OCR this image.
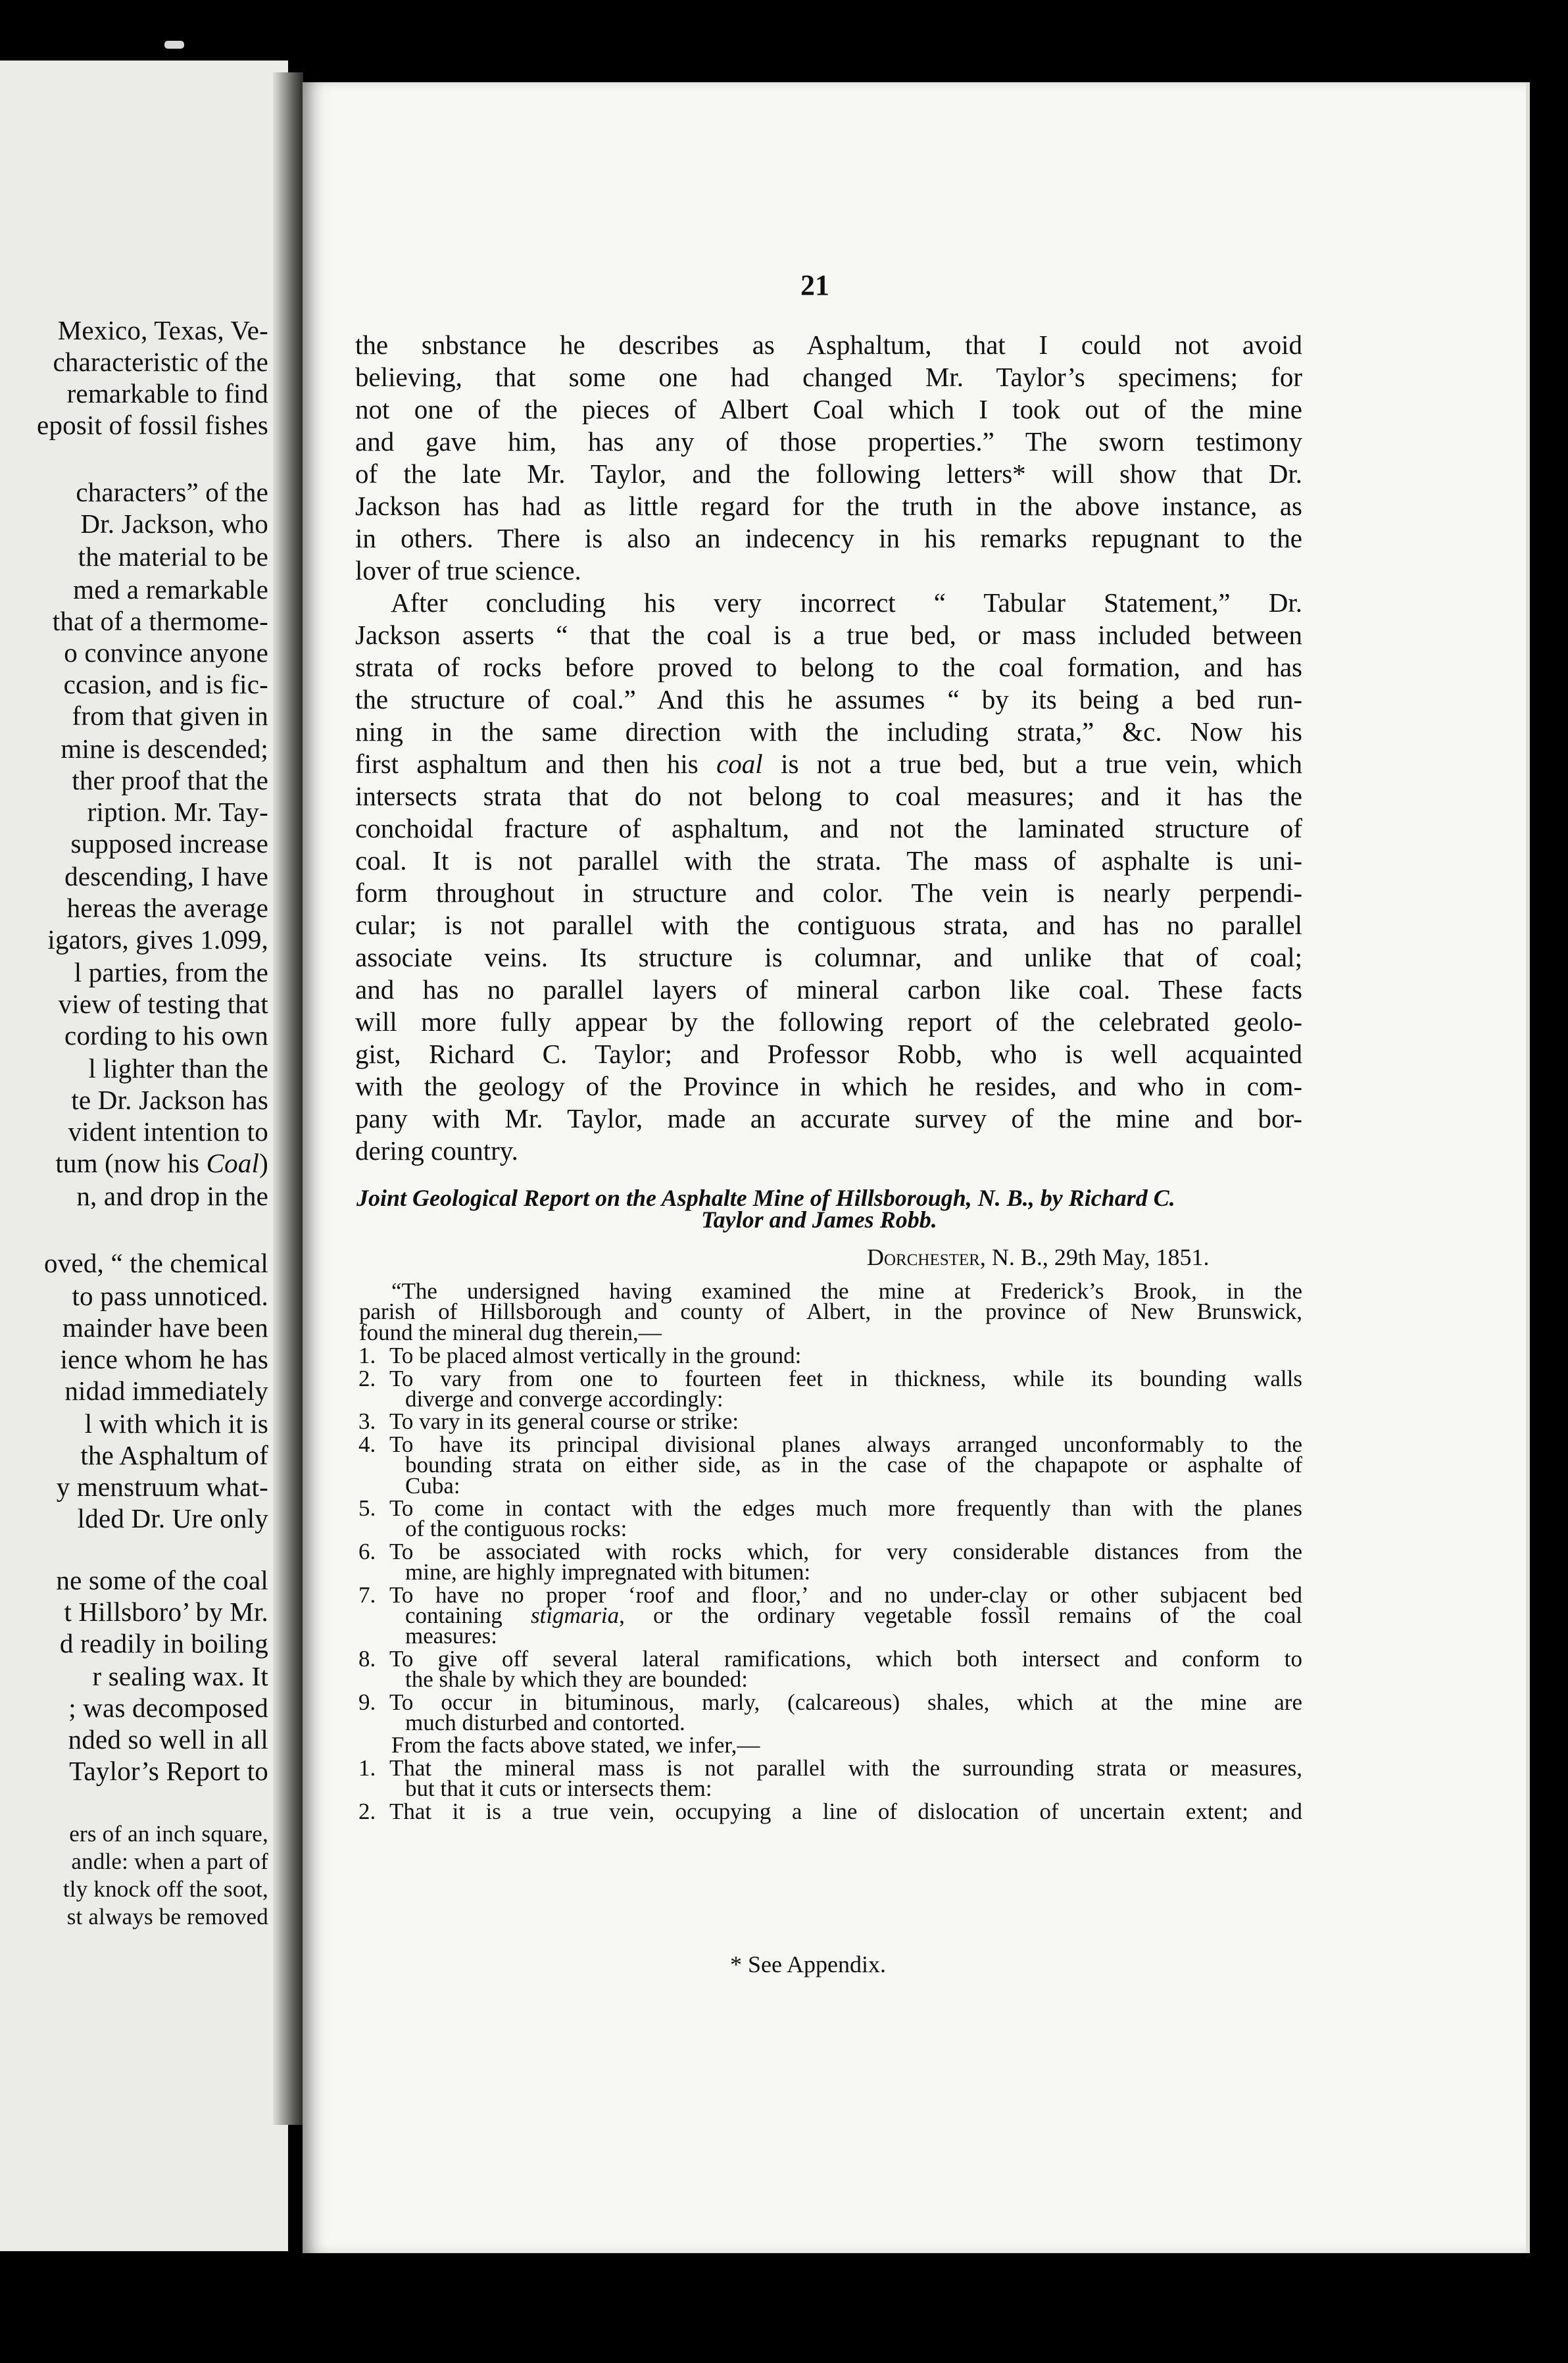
Mexico, Texas, Ve-
characteristic of the
remarkable to find
eposit of fossil fishes
characters” of the
Dr. Jackson, who
the material to be
med a remarkable
that of a thermome-
o convince anyone
ccasion, and is fic-
from that given in
mine is descended;
ther proof that the
ription. Mr. Tay-
supposed increase
descending, I have
hereas the average
igators, gives 1.099,
l parties, from the
view of testing that
cording to his own
l lighter than the
te Dr. Jackson has
vident intention to
tum (now his Coal)
n, and drop in the
oved, “ the chemical
to pass unnoticed.
mainder have been
ience whom he has
nidad immediately
l with which it is
the Asphaltum of
y menstruum what-
lded Dr. Ure only
ne some of the coal
t Hillsboro’ by Mr.
d readily in boiling
r sealing wax. It
; was decomposed
nded so well in all
Taylor’s Report to
ers of an inch square,
andle: when a part of
tly knock off the soot,
st always be removed
21
the snbstance he describes as Asphaltum, that I could not avoid
believing, that some one had changed Mr. Taylor’s specimens; for
not one of the pieces of Albert Coal which I took out of the mine
and gave him, has any of those properties.” The sworn testimony
of the late Mr. Taylor, and the following letters* will show that Dr.
Jackson has had as little regard for the truth in the above instance, as
in others. There is also an indecency in his remarks repugnant to the
lover of true science.
After concluding his very incorrect “ Tabular Statement,” Dr.
Jackson asserts “ that the coal is a true bed, or mass included between
strata of rocks before proved to belong to the coal formation, and has
the structure of coal.” And this he assumes “ by its being a bed run-
ning in the same direction with the including strata,” &c. Now his
first asphaltum and then his coal is not a true bed, but a true vein, which
intersects strata that do not belong to coal measures; and it has the
conchoidal fracture of asphaltum, and not the laminated structure of
coal. It is not parallel with the strata. The mass of asphalte is uni-
form throughout in structure and color. The vein is nearly perpendi-
cular; is not parallel with the contiguous strata, and has no parallel
associate veins. Its structure is columnar, and unlike that of coal;
and has no parallel layers of mineral carbon like coal. These facts
will more fully appear by the following report of the celebrated geolo-
gist, Richard C. Taylor; and Professor Robb, who is well acquainted
with the geology of the Province in which he resides, and who in com-
pany with Mr. Taylor, made an accurate survey of the mine and bor-
dering country.
Joint Geological Report on the Asphalte Mine of Hillsborough, N. B., by Richard C.
Taylor and James Robb.
Dorchester, N. B., 29th May, 1851.
“The undersigned having examined the mine at Frederick’s Brook, in the
parish of Hillsborough and county of Albert, in the province of New Brunswick,
found the mineral dug therein,—
1. To be placed almost vertically in the ground:
2. To vary from one to fourteen feet in thickness, while its bounding walls
diverge and converge accordingly:
3. To vary in its general course or strike:
4. To have its principal divisional planes always arranged unconformably to the
bounding strata on either side, as in the case of the chapapote or asphalte of
Cuba:
5. To come in contact with the edges much more frequently than with the planes
of the contiguous rocks:
6. To be associated with rocks which, for very considerable distances from the
mine, are highly impregnated with bitumen:
7. To have no proper ‘roof and floor,’ and no under-clay or other subjacent bed
containing stigmaria, or the ordinary vegetable fossil remains of the coal
measures:
8. To give off several lateral ramifications, which both intersect and conform to
the shale by which they are bounded:
9. To occur in bituminous, marly, (calcareous) shales, which at the mine are
much disturbed and contorted.
From the facts above stated, we infer,—
1. That the mineral mass is not parallel with the surrounding strata or measures,
but that it cuts or intersects them:
2. That it is a true vein, occupying a line of dislocation of uncertain extent; and
* See Appendix.
